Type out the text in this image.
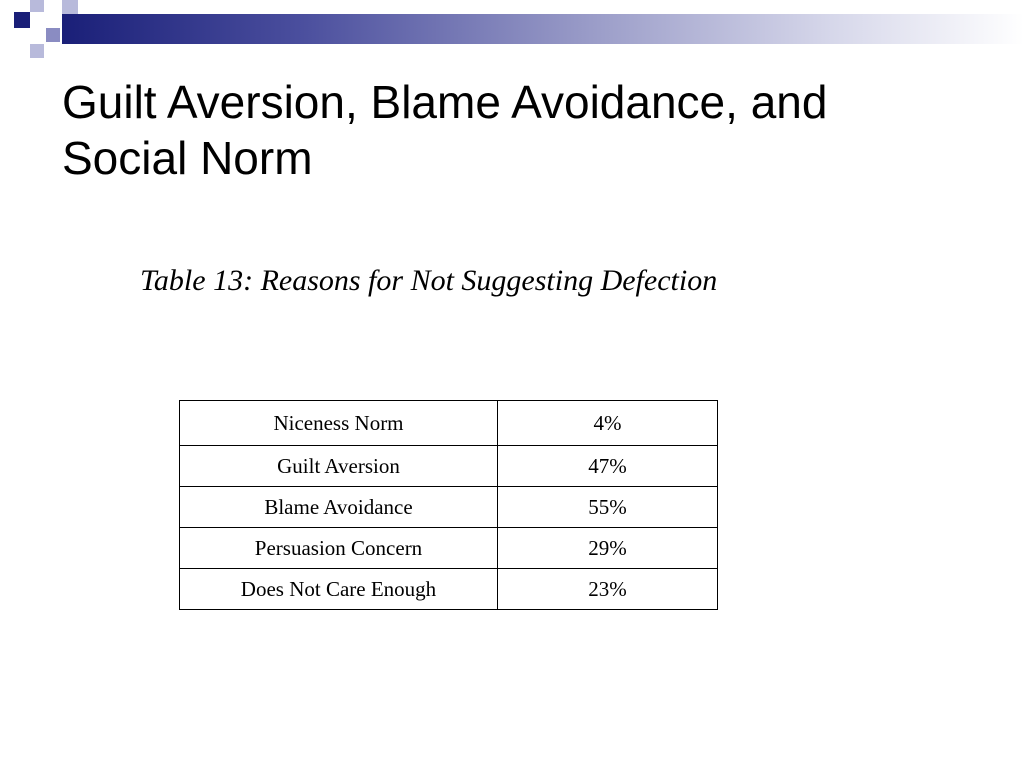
Guilt Aversion, Blame Avoidance, and Social Norm
Table 13: Reasons for Not Suggesting Defection
Niceness Norm	4%
Guilt Aversion	47%
Blame Avoidance	55%
Persuasion Concern	29%
Does Not Care Enough	23%
